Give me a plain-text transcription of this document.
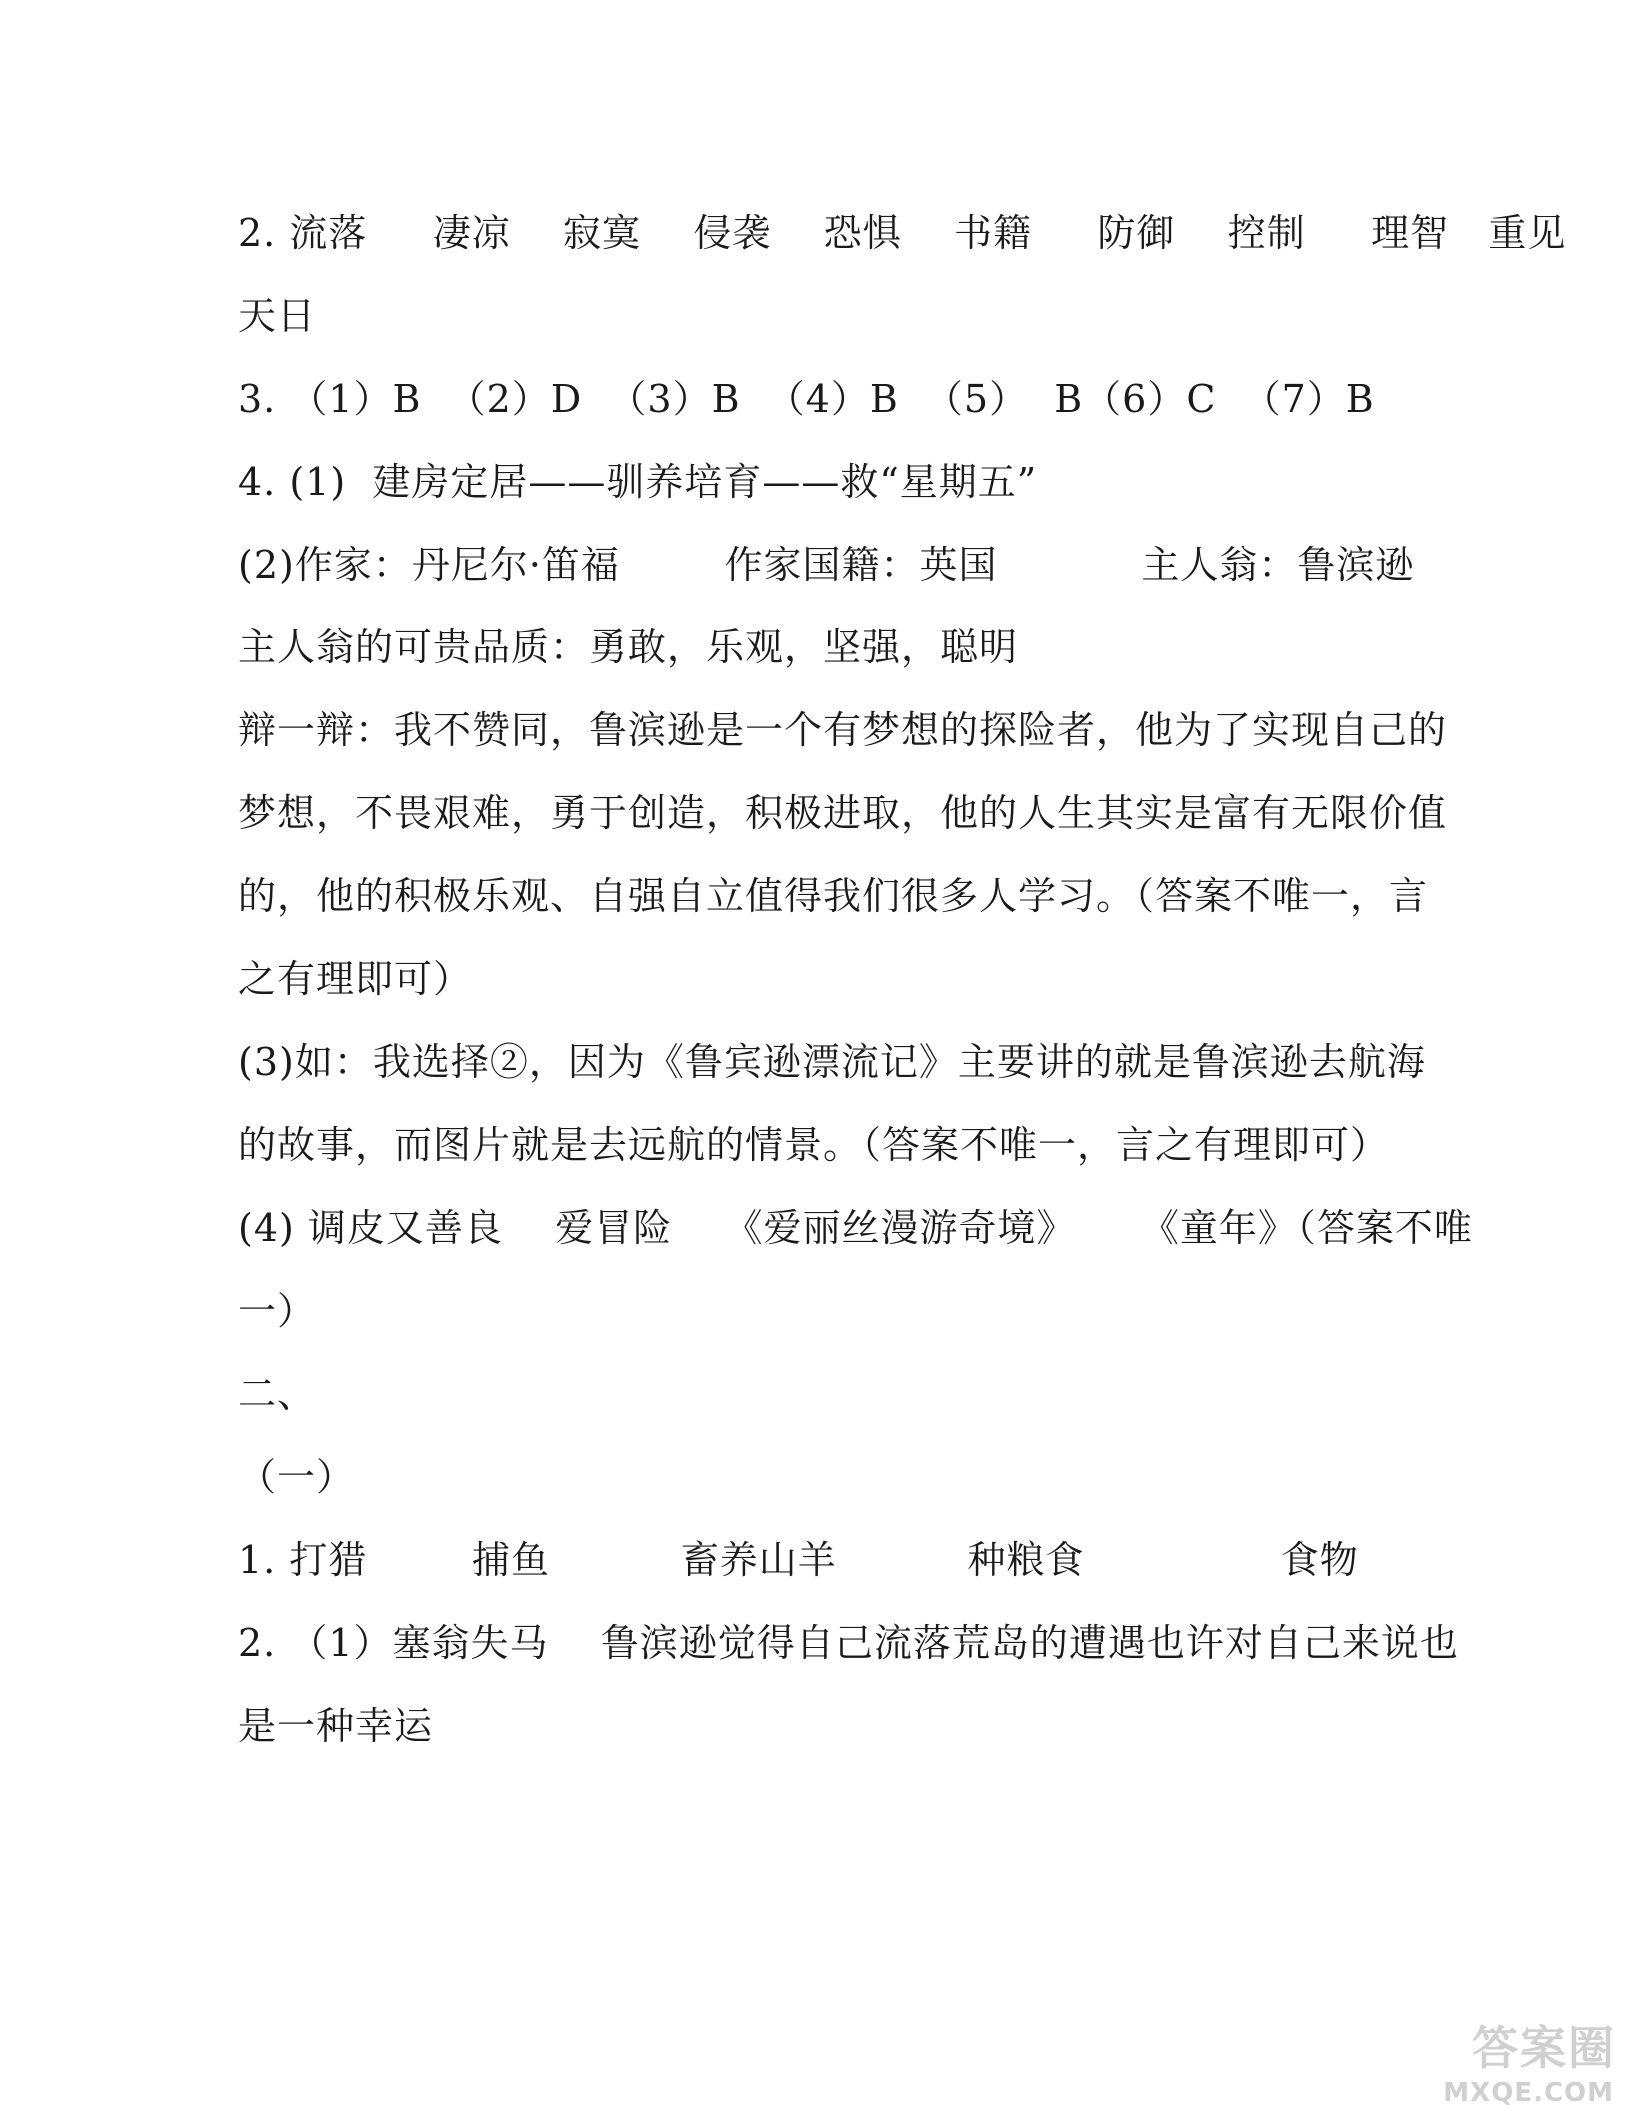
2. 流落     凄凉    寂寞    侵袭    恐惧    书籍     防御    控制     理智   重见
天日
3. （1）B  （2）D  （3）B  （4）B  （5）  B（6）C  （7）B
4. (1)  建房定居——驯养培育——救“星期五”
(2)作家：丹尼尔·笛福        作家国籍：英国           主人翁：鲁滨逊
主人翁的可贵品质：勇敢，乐观，坚强，聪明
辩一辩：我不赞同，鲁滨逊是一个有梦想的探险者，他为了实现自己的
梦想，不畏艰难，勇于创造，积极进取，他的人生其实是富有无限价值
的，他的积极乐观、自强自立值得我们很多人学习。（答案不唯一，言
之有理即可）
(3)如：我选择②，因为《鲁宾逊漂流记》主要讲的就是鲁滨逊去航海
的故事，而图片就是去远航的情景。（答案不唯一，言之有理即可）
(4) 调皮又善良    爱冒险    《爱丽丝漫游奇境》     《童年》（答案不唯
一）
二、
（一）
1. 打猎        捕鱼          畜养山羊          种粮食               食物
2. （1）塞翁失马    鲁滨逊觉得自己流落荒岛的遭遇也许对自己来说也
是一种幸运
答案圈
MXQE.COM
